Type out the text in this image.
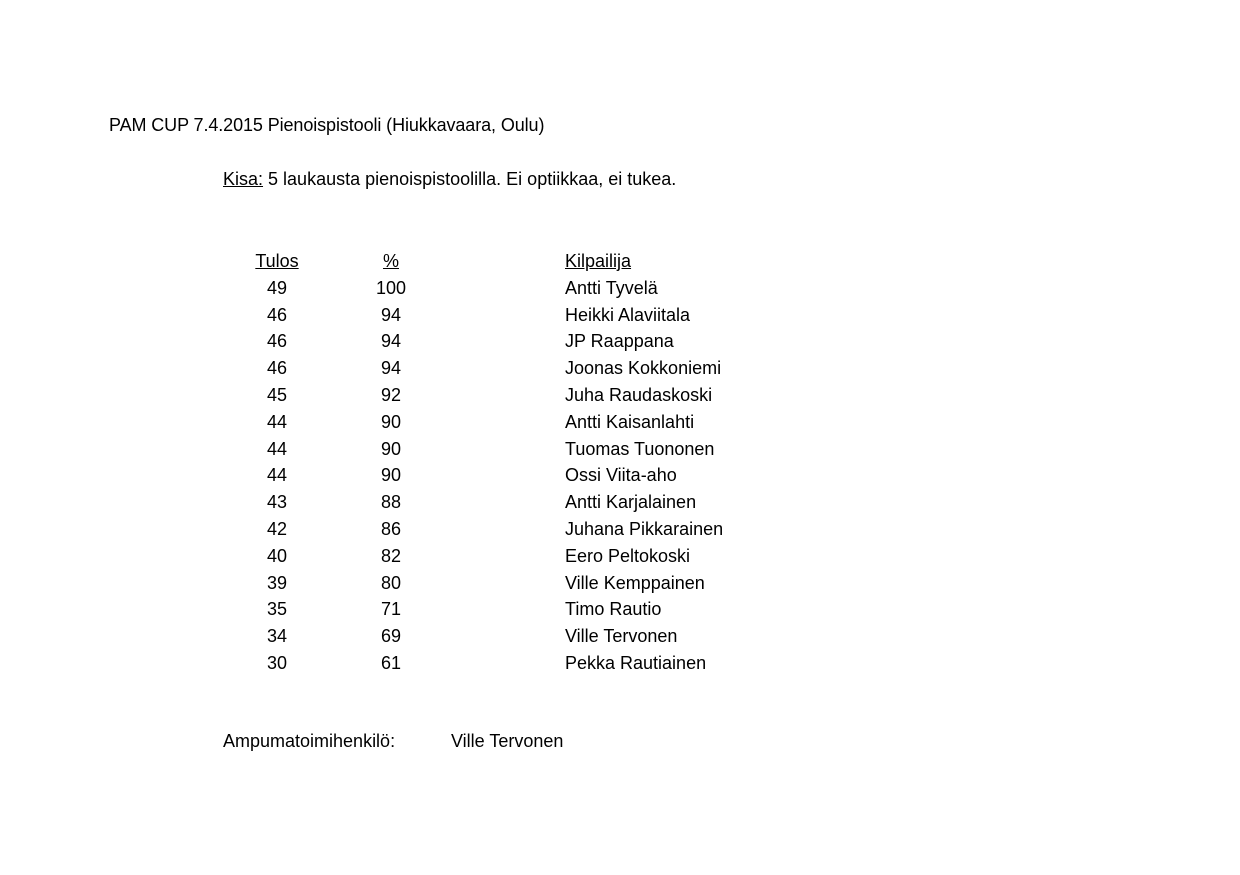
PAM CUP 7.4.2015 Pienoispistooli (Hiukkavaara, Oulu)
Kisa: 5 laukausta pienoispistoolilla. Ei optiikkaa, ei tukea.
Tulos	%	Kilpailija
49	100	Antti Tyvelä
46	94	Heikki Alaviitala
46	94	JP Raappana
46	94	Joonas Kokkoniemi
45	92	Juha Raudaskoski
44	90	Antti Kaisanlahti
44	90	Tuomas Tuononen
44	90	Ossi Viita-aho
43	88	Antti Karjalainen
42	86	Juhana Pikkarainen
40	82	Eero Peltokoski
39	80	Ville Kemppainen
35	71	Timo Rautio
34	69	Ville Tervonen
30	61	Pekka Rautiainen
Ampumatoimihenkilö:	Ville Tervonen
